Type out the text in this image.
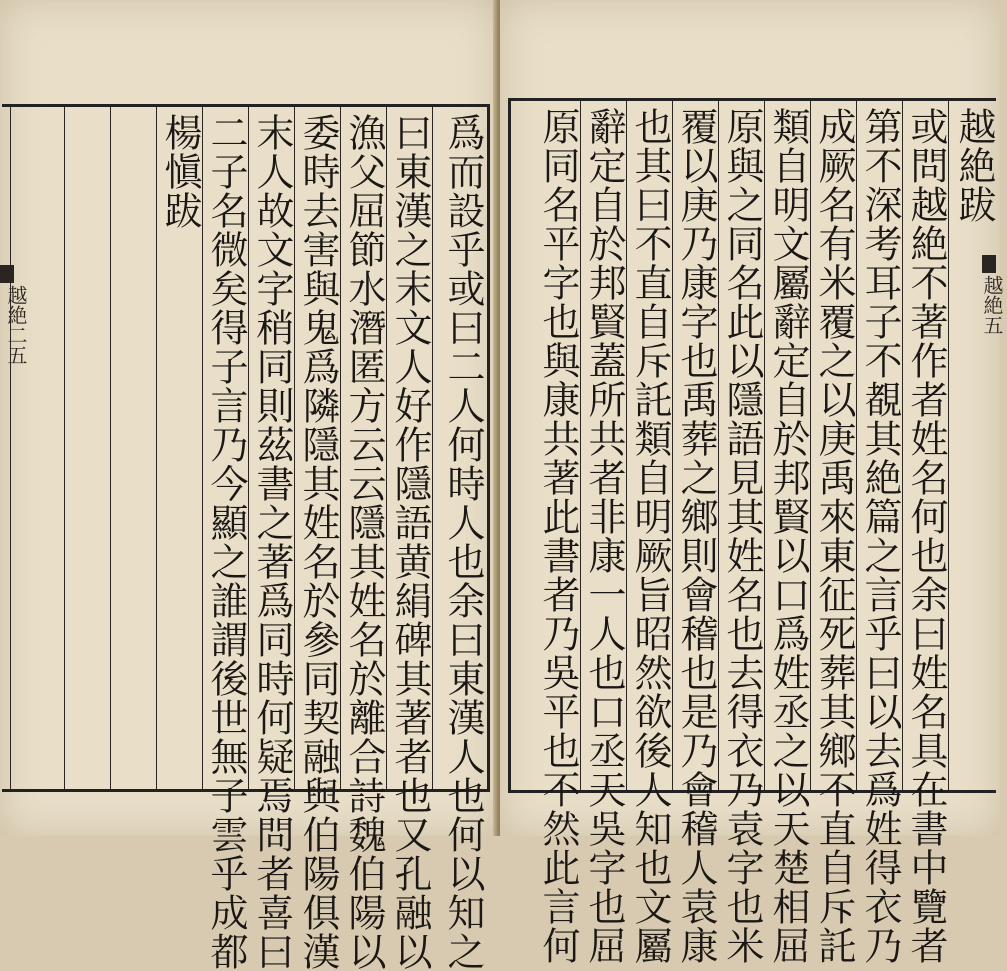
越絶二五	爲而設乎或曰二人何時人也余曰東漢人也何以知之
曰東漢之末文人好作隱語黄絹碑其著者也又孔融以
漁父屈節水潛匿方云云隱其姓名於離合詩魏伯陽以
委時去害與鬼爲隣隱其姓名於參同契融與伯陽俱漢
末人故文字稍同則茲書之著爲同時何疑焉問者喜曰
二子名微矣得子言乃今顯之誰謂後世無子雲乎成都
楊愼跋	越絶跋
或問越絶不著作者姓名何也余曰姓名具在書中覽者
第不深考耳子不覩其絶篇之言乎曰以去爲姓得衣乃
成厥名有米覆之以庚禹來東征死葬其鄉不直自斥託
類自明文屬辭定自於邦賢以口爲姓丞之以天楚相屈
原與之同名此以隱語見其姓名也去得衣乃袁字也米
覆以庚乃康字也禹葬之鄉則會稽也是乃會稽人袁康
也其曰不直自斥託類自明厥旨昭然欲後人知也文屬
辭定自於邦賢蓋所共者非康一人也口丞天吳字也屈
原同名平字也與康共著此書者乃吳平也不然此言何	越絶五
